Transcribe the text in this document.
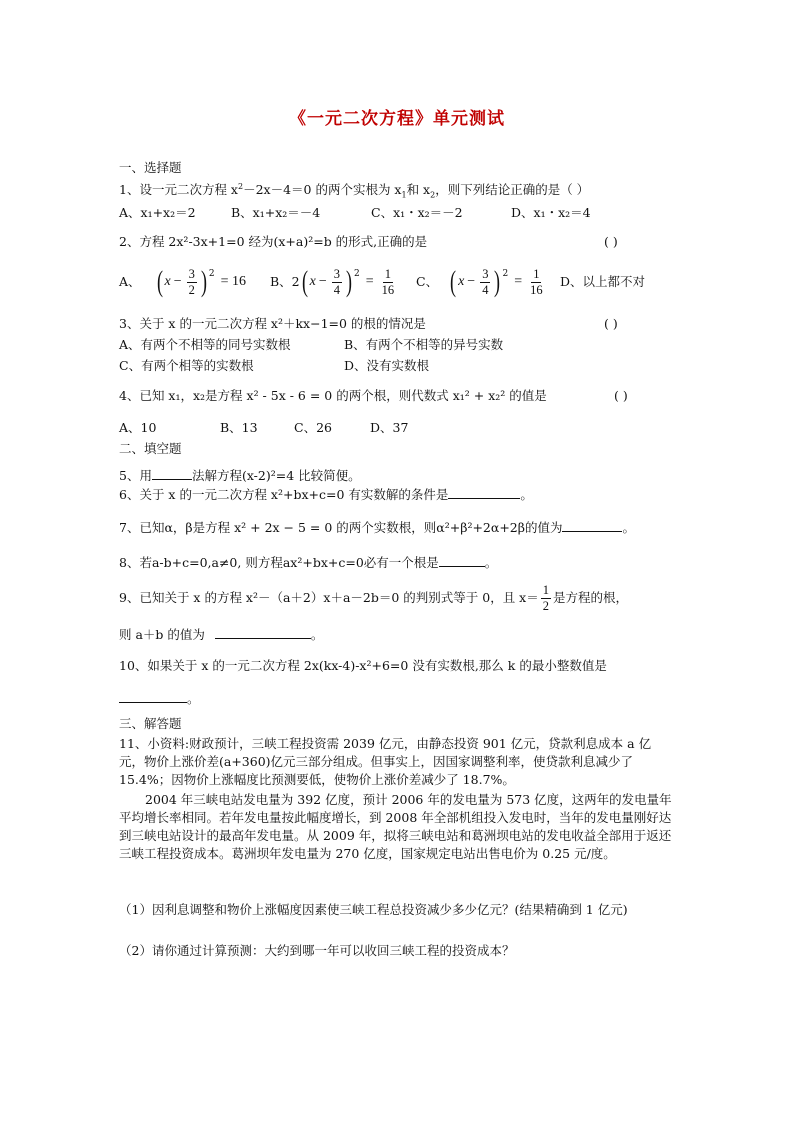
《一元二次方程》单元测试
一、选择题
1、设一元二次方程 $x^2-2x-4=0$ 的两个实根为 $x_1$和 $x_2$，则下列结论正确的是（ ）
A、x₁+x₂＝2	B、x₁+x₂＝－4	C、x₁・x₂＝－2	D、x₁・x₂＝4
2、方程 2x²-3x+1=0 经为(x+a)²=b 的形式,正确的是	( )
A、 ( $x - \frac{3}{2} )^2 = 16$ B、2 ( $x - \frac{3}{4} )^2 = \frac{1}{16}$ C、 ( $x - \frac{3}{4} )^2 = \frac{1}{16}$ D、以上都不对
3、关于 x 的一元二次方程 x²＋kx−1=0 的根的情况是	( )
A、有两个不相等的同号实数根	B、有两个不相等的异号实数
C、有两个相等的实数根	D、没有实数根
4、已知 x₁，x₂是方程 x² - 5x - 6 = 0 的两个根，则代数式 x₁² + x₂² 的值是	( )
A、10	B、13	C、26	D、37
二、填空题
5、用	法解方程(x-2)²=4 比较简便。
6、关于 x 的一元二次方程 x²+bx+c=0 有实数解的条件是	。
7、已知α，β是方程 x² + 2x − 5 = 0 的两个实数根，则α²+β²+2α+2β的值为	。
8、若a-b+c=0,a≠0, 则方程ax²+bx+c=0必有一个根是	。
9、已知关于 x 的方程 x²－（a＋2）x＋a－2b＝0 的判别式等于 0，且 $x= \frac{1}{2}$ 是方程的根，
则 a＋b 的值为	。
10、如果关于 x 的一元二次方程 2x(kx-4)-x²+6=0 没有实数根,那么 k 的最小整数值是
。
三、解答题
11、小资料:财政预计，三峡工程投资需 2039 亿元，由静态投资 901 亿元，贷款利息成本 a 亿元，物价上涨价差(a+360)亿元三部分组成。但事实上，因国家调整利率，使贷款利息减少了 15.4%；因物价上涨幅度比预测要低，使物价上涨价差减少了 18.7%。
2004 年三峡电站发电量为 392 亿度，预计 2006 年的发电量为 573 亿度，这两年的发电量年平均增长率相同。若年发电量按此幅度增长，到 2008 年全部机组投入发电时，当年的发电量刚好达到三峡电站设计的最高年发电量。从 2009 年，拟将三峡电站和葛洲坝电站的发电收益全部用于返还三峡工程投资成本。葛洲坝年发电量为 270 亿度，国家规定电站出售电价为 0.25 元/度。
（1）因利息调整和物价上涨幅度因素使三峡工程总投资减少多少亿元？(结果精确到 1 亿元)
（2）请你通过计算预测：大约到哪一年可以收回三峡工程的投资成本？
